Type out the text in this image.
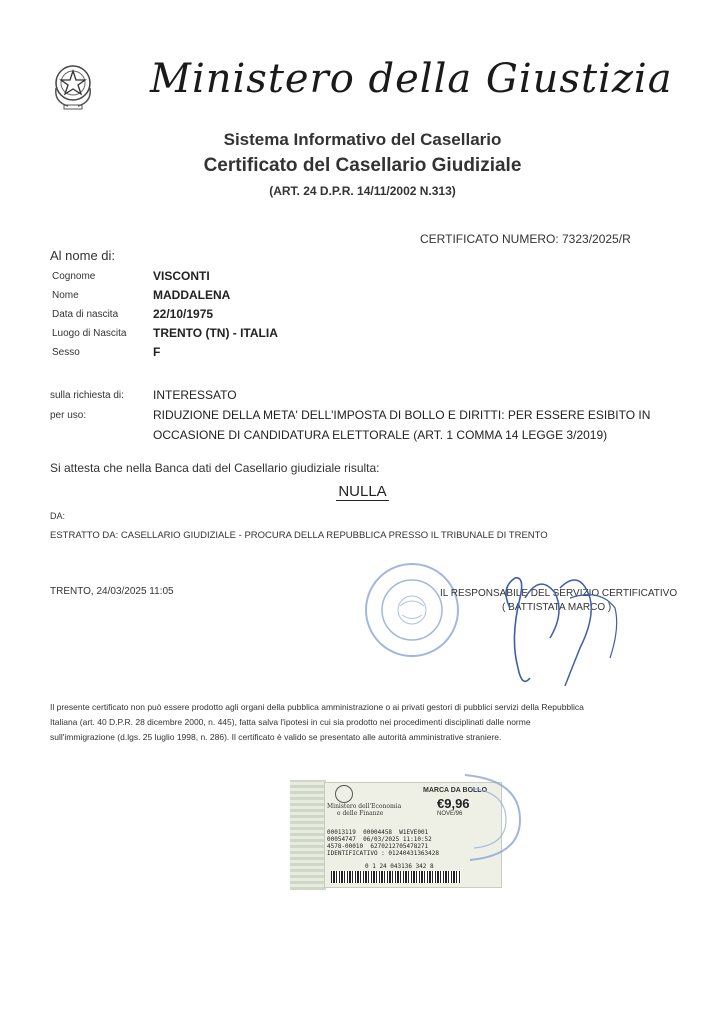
Ministero della Giustizia
Sistema Informativo del Casellario
Certificato del Casellario Giudiziale
(ART. 24 D.P.R. 14/11/2002 N.313)
CERTIFICATO NUMERO: 7323/2025/R
Al nome di:
Cognome	VISCONTI
Nome	MADDALENA
Data di nascita	22/10/1975
Luogo di Nascita TRENTO (TN) - ITALIA
Sesso	F
sulla richiesta di: INTERESSATO
per uso:	RIDUZIONE DELLA META' DELL'IMPOSTA DI BOLLO E DIRITTI: PER ESSERE ESIBITO IN
OCCASIONE DI CANDIDATURA ELETTORALE (ART. 1 COMMA 14 LEGGE 3/2019)
Si attesta che nella Banca dati del Casellario giudiziale risulta:
NULLA
DA:
ESTRATTO DA: CASELLARIO GIUDIZIALE - PROCURA DELLA REPUBBLICA PRESSO IL TRIBUNALE DI TRENTO
TRENTO, 24/03/2025 11:05	IL RESPONSABILE DEL SERVIZIO CERTIFICATIVO
( BATTISTATA MARCO )
Il presente certificato non può essere prodotto agli organi della pubblica amministrazione o ai privati gestori di pubblici servizi della Repubblica
Italiana (art. 40 D.P.R. 28 dicembre 2000, n. 445), fatta salva l'ipotesi in cui sia prodotto nei procedimenti disciplinati dalle norme
sull'immigrazione (d.lgs. 25 luglio 1998, n. 286). Il certificato è valido se presentato alle autorità amministrative straniere.
Ministero dell'Economia
e delle Finanze
MARCA DA BOLLO
€9,96
NOVE/96
00013119 00004458 W1EVE001
00054747 06/03/2025 11:10:52
4578-00010 6270212705478271
IDENTIFICATIVO : 01240431363428
0 1 24 043136 342 8
